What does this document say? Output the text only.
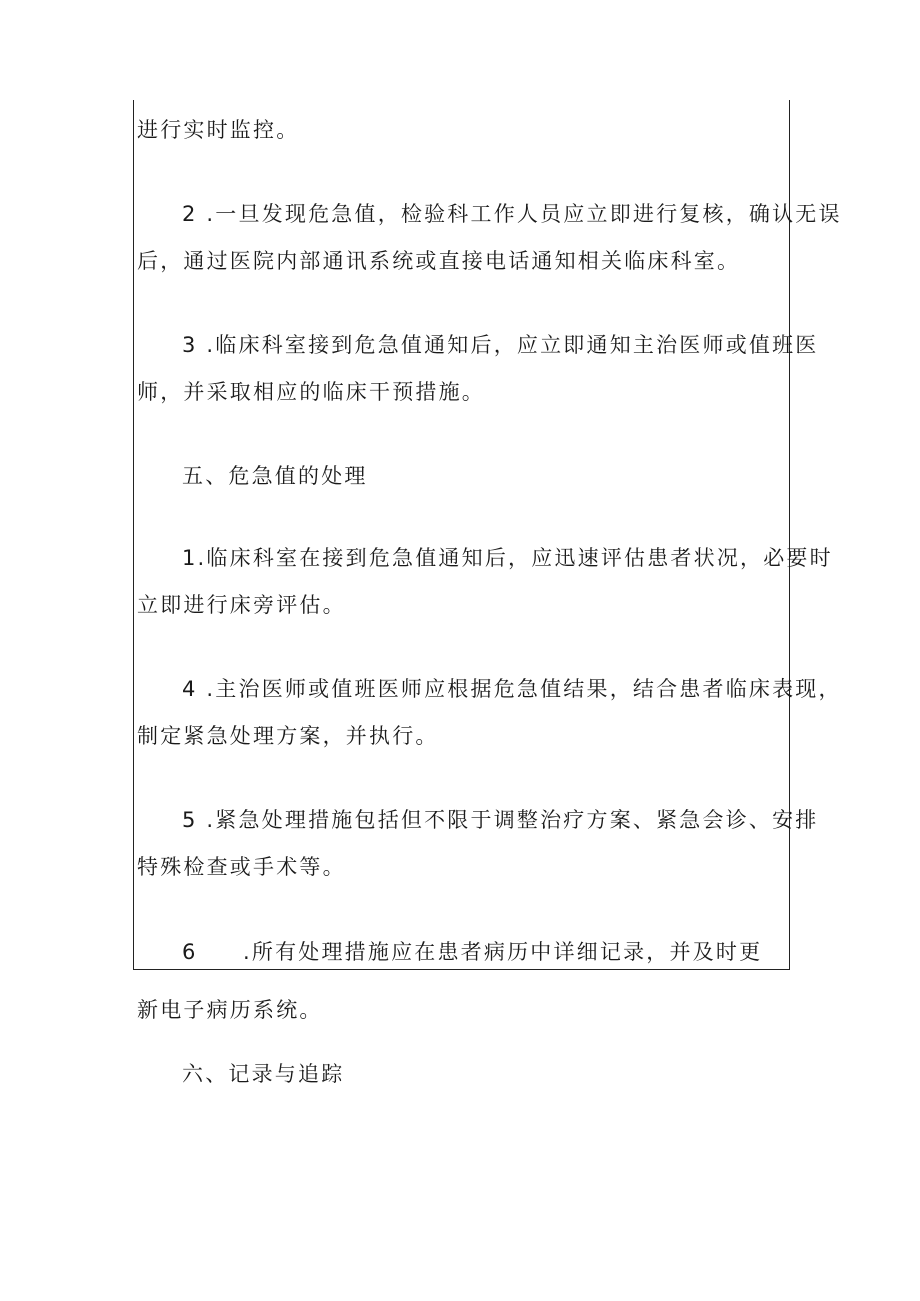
进行实时监控。
2 .一旦发现危急值，检验科工作人员应立即进行复核，确认无误
后，通过医院内部通讯系统或直接电话通知相关临床科室。
3 .临床科室接到危急值通知后，应立即通知主治医师或值班医
师，并采取相应的临床干预措施。
五、危急值的处理
1.临床科室在接到危急值通知后，应迅速评估患者状况，必要时
立即进行床旁评估。
4 .主治医师或值班医师应根据危急值结果，结合患者临床表现，
制定紧急处理方案，并执行。
5 .紧急处理措施包括但不限于调整治疗方案、紧急会诊、安排
特殊检查或手术等。
6 .所有处理措施应在患者病历中详细记录，并及时更
新电子病历系统。
六、记录与追踪
